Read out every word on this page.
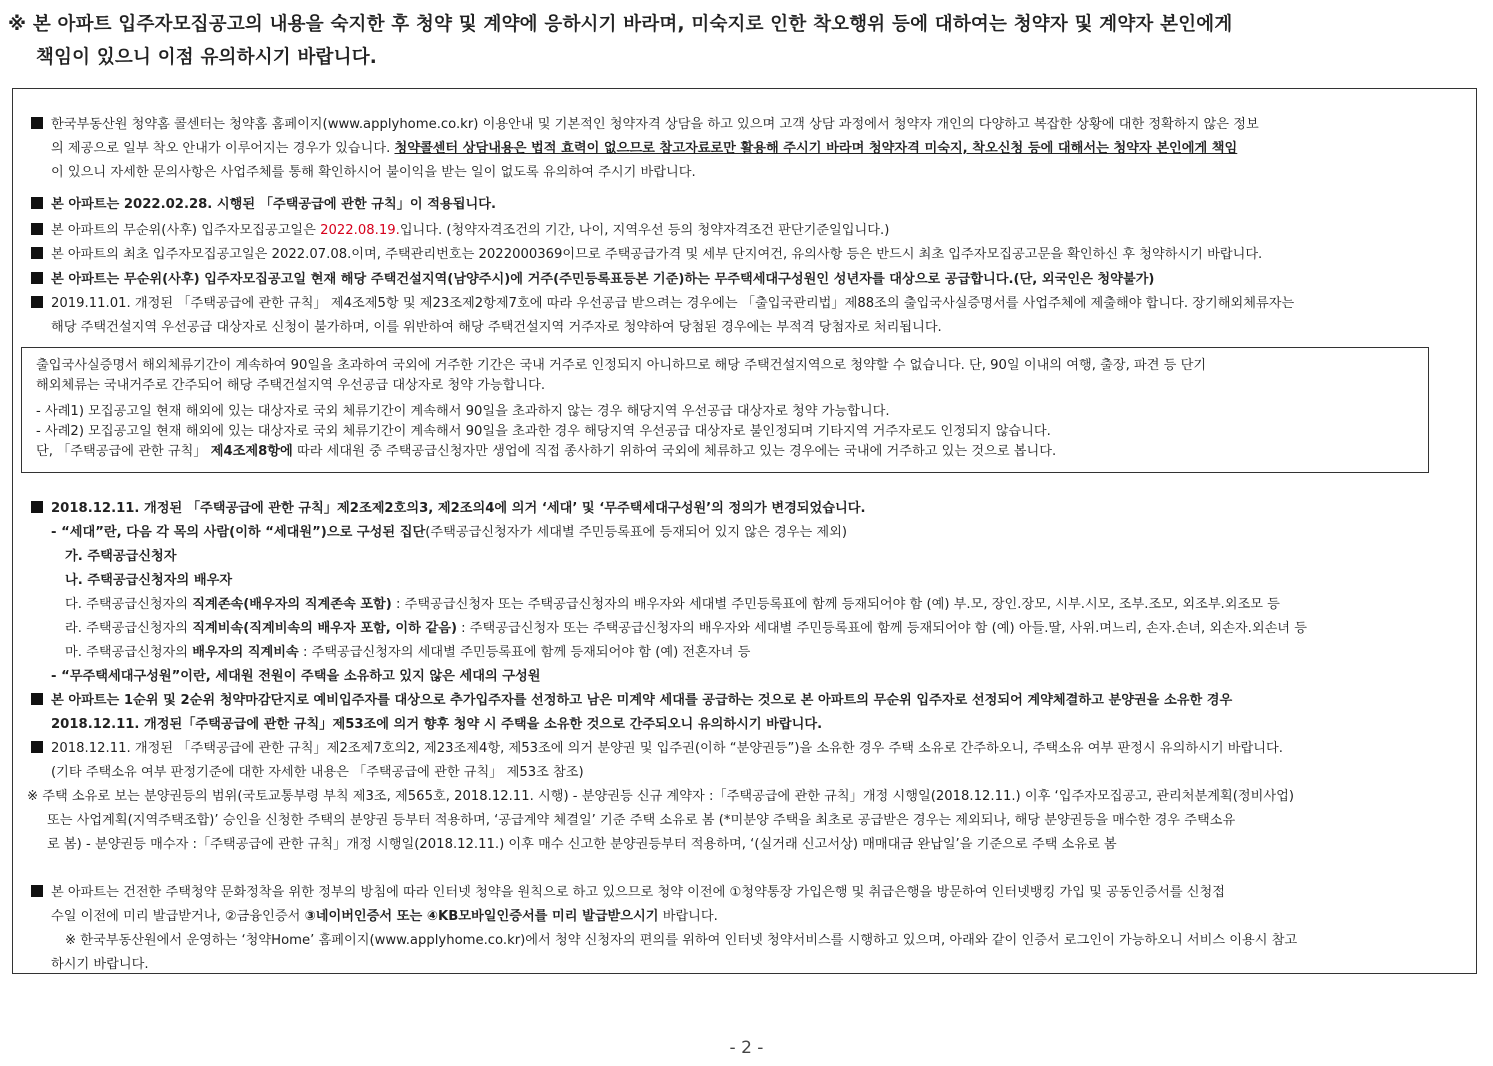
※ 본 아파트 입주자모집공고의 내용을 숙지한 후 청약 및 계약에 응하시기 바라며, 미숙지로 인한 착오행위 등에 대하여는 청약자 및 계약자 본인에게
책임이 있으니 이점 유의하시기 바랍니다.
한국부동산원 청약홈 콜센터는 청약홈 홈페이지(www.applyhome.co.kr) 이용안내 및 기본적인 청약자격 상담을 하고 있으며 고객 상담 과정에서 청약자 개인의 다양하고 복잡한 상황에 대한 정확하지 않은 정보
의 제공으로 일부 착오 안내가 이루어지는 경우가 있습니다. 청약콜센터 상담내용은 법적 효력이 없으므로 참고자료로만 활용해 주시기 바라며 청약자격 미숙지, 착오신청 등에 대해서는 청약자 본인에게 책임
이 있으니 자세한 문의사항은 사업주체를 통해 확인하시어 불이익을 받는 일이 없도록 유의하여 주시기 바랍니다.
본 아파트는 2022.02.28. 시행된 「주택공급에 관한 규칙」이 적용됩니다.
본 아파트의 무순위(사후) 입주자모집공고일은 2022.08.19.입니다. (청약자격조건의 기간, 나이, 지역우선 등의 청약자격조건 판단기준일입니다.)
본 아파트의 최초 입주자모집공고일은 2022.07.08.이며, 주택관리번호는 2022000369이므로 주택공급가격 및 세부 단지여건, 유의사항 등은 반드시 최초 입주자모집공고문을 확인하신 후 청약하시기 바랍니다.
본 아파트는 무순위(사후) 입주자모집공고일 현재 해당 주택건설지역(남양주시)에 거주(주민등록표등본 기준)하는 무주택세대구성원인 성년자를 대상으로 공급합니다.(단, 외국인은 청약불가)
2019.11.01. 개정된 「주택공급에 관한 규칙」 제4조제5항 및 제23조제2항제7호에 따라 우선공급 받으려는 경우에는 「출입국관리법」제88조의 출입국사실증명서를 사업주체에 제출해야 합니다. 장기해외체류자는
해당 주택건설지역 우선공급 대상자로 신청이 불가하며, 이를 위반하여 해당 주택건설지역 거주자로 청약하여 당첨된 경우에는 부적격 당첨자로 처리됩니다.
출입국사실증명서 해외체류기간이 계속하여 90일을 초과하여 국외에 거주한 기간은 국내 거주로 인정되지 아니하므로 해당 주택건설지역으로 청약할 수 없습니다. 단, 90일 이내의 여행, 출장, 파견 등 단기
해외체류는 국내거주로 간주되어 해당 주택건설지역 우선공급 대상자로 청약 가능합니다.
- 사례1) 모집공고일 현재 해외에 있는 대상자로 국외 체류기간이 계속해서 90일을 초과하지 않는 경우 해당지역 우선공급 대상자로 청약 가능합니다.
- 사례2) 모집공고일 현재 해외에 있는 대상자로 국외 체류기간이 계속해서 90일을 초과한 경우 해당지역 우선공급 대상자로 불인정되며 기타지역 거주자로도 인정되지 않습니다.
단, 「주택공급에 관한 규칙」 제4조제8항에 따라 세대원 중 주택공급신청자만 생업에 직접 종사하기 위하여 국외에 체류하고 있는 경우에는 국내에 거주하고 있는 것으로 봅니다.
2018.12.11. 개정된 「주택공급에 관한 규칙」제2조제2호의3, 제2조의4에 의거 ‘세대’ 및 ‘무주택세대구성원’의 정의가 변경되었습니다.
- “세대”란, 다음 각 목의 사람(이하 “세대원”)으로 구성된 집단(주택공급신청자가 세대별 주민등록표에 등재되어 있지 않은 경우는 제외)
가. 주택공급신청자
나. 주택공급신청자의 배우자
다. 주택공급신청자의 직계존속(배우자의 직계존속 포함) : 주택공급신청자 또는 주택공급신청자의 배우자와 세대별 주민등록표에 함께 등재되어야 함 (예) 부.모, 장인.장모, 시부.시모, 조부.조모, 외조부.외조모 등
라. 주택공급신청자의 직계비속(직계비속의 배우자 포함, 이하 같음) : 주택공급신청자 또는 주택공급신청자의 배우자와 세대별 주민등록표에 함께 등재되어야 함 (예) 아들.딸, 사위.며느리, 손자.손녀, 외손자.외손녀 등
마. 주택공급신청자의 배우자의 직계비속 : 주택공급신청자의 세대별 주민등록표에 함께 등재되어야 함 (예) 전혼자녀 등
- “무주택세대구성원”이란, 세대원 전원이 주택을 소유하고 있지 않은 세대의 구성원
본 아파트는 1순위 및 2순위 청약마감단지로 예비입주자를 대상으로 추가입주자를 선정하고 남은 미계약 세대를 공급하는 것으로 본 아파트의 무순위 입주자로 선정되어 계약체결하고 분양권을 소유한 경우
2018.12.11. 개정된「주택공급에 관한 규칙」제53조에 의거 향후 청약 시 주택을 소유한 것으로 간주되오니 유의하시기 바랍니다.
2018.12.11. 개정된 「주택공급에 관한 규칙」제2조제7호의2, 제23조제4항, 제53조에 의거 분양권 및 입주권(이하 “분양권등”)을 소유한 경우 주택 소유로 간주하오니, 주택소유 여부 판정시 유의하시기 바랍니다.
(기타 주택소유 여부 판정기준에 대한 자세한 내용은 「주택공급에 관한 규칙」 제53조 참조)
※ 주택 소유로 보는 분양권등의 범위(국토교통부령 부칙 제3조, 제565호, 2018.12.11. 시행) - 분양권등 신규 계약자 :「주택공급에 관한 규칙」개정 시행일(2018.12.11.) 이후 ‘입주자모집공고, 관리처분계획(정비사업)
또는 사업계획(지역주택조합)’ 승인을 신청한 주택의 분양권 등부터 적용하며, ‘공급계약 체결일’ 기준 주택 소유로 봄 (*미분양 주택을 최초로 공급받은 경우는 제외되나, 해당 분양권등을 매수한 경우 주택소유
로 봄) - 분양권등 매수자 :「주택공급에 관한 규칙」개정 시행일(2018.12.11.) 이후 매수 신고한 분양권등부터 적용하며, ‘(실거래 신고서상) 매매대금 완납일’을 기준으로 주택 소유로 봄
본 아파트는 건전한 주택청약 문화정착을 위한 정부의 방침에 따라 인터넷 청약을 원칙으로 하고 있으므로 청약 이전에 ①청약통장 가입은행 및 취급은행을 방문하여 인터넷뱅킹 가입 및 공동인증서를 신청접
수일 이전에 미리 발급받거나, ②금융인증서 ③네이버인증서 또는 ④KB모바일인증서를 미리 발급받으시기 바랍니다.
※ 한국부동산원에서 운영하는 ‘청약Home’ 홈페이지(www.applyhome.co.kr)에서 청약 신청자의 편의를 위하여 인터넷 청약서비스를 시행하고 있으며, 아래와 같이 인증서 로그인이 가능하오니 서비스 이용시 참고
하시기 바랍니다.
- 2 -
